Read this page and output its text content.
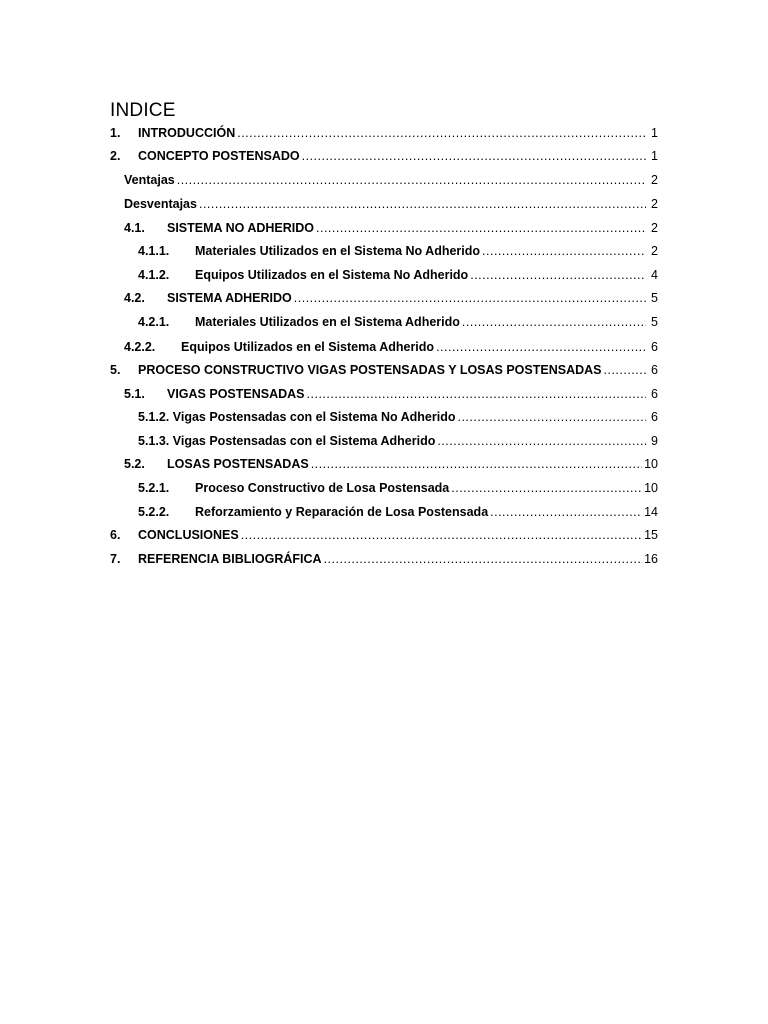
INDICE
1.	INTRODUCCIÓN .....	1
2.	CONCEPTO POSTENSADO .....	1
Ventajas .....	2
Desventajas .....	2
4.1.	SISTEMA NO ADHERIDO .....	2
4.1.1.	Materiales Utilizados en el Sistema No Adherido .....	2
4.1.2.	Equipos Utilizados en el Sistema No Adherido .....	4
4.2.	SISTEMA ADHERIDO .....	5
4.2.1.	Materiales Utilizados en el Sistema Adherido .....	5
4.2.2.	Equipos Utilizados en el Sistema Adherido .....	6
5.	PROCESO CONSTRUCTIVO VIGAS POSTENSADAS Y LOSAS POSTENSADAS .....	6
5.1.	VIGAS POSTENSADAS .....	6
5.1.2. Vigas Postensadas con el Sistema No Adherido .....	6
5.1.3. Vigas Postensadas con el Sistema Adherido .....	9
5.2.	LOSAS POSTENSADAS .....	10
5.2.1.	Proceso Constructivo de Losa Postensada .....	10
5.2.2.	Reforzamiento y Reparación de Losa Postensada .....	14
6.	CONCLUSIONES .....	15
7.	REFERENCIA BIBLIOGRÁFICA .....	16
